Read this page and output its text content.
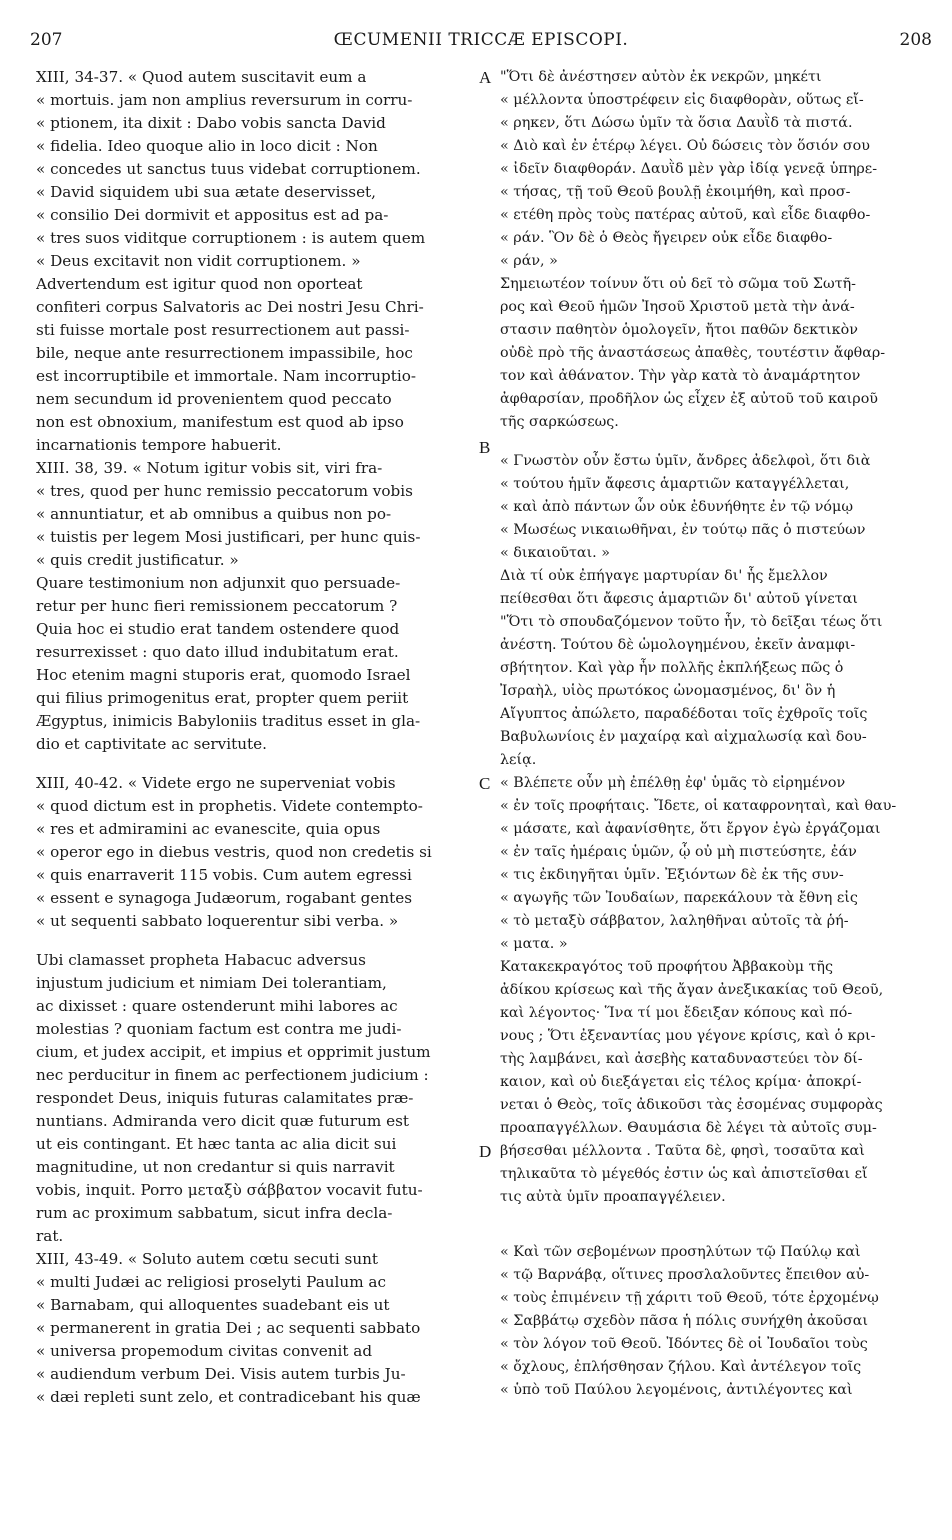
207	ŒCUMENII TRICCÆ EPISCOPI.	208
XIII, 34-37. « Quod autem suscitavit eum a
« mortuis. jam non amplius reversurum in corru-
« ptionem, ita dixit : Dabo vobis sancta David
« fidelia. Ideo quoque alio in loco dicit : Non
« concedes ut sanctus tuus videbat corruptionem.
« David siquidem ubi sua ætate deservisset,
« consilio Dei dormivit et appositus est ad pa-
« tres suos viditque corruptionem : is autem quem
« Deus excitavit non vidit corruptionem. »
Advertendum est igitur quod non oporteat
confiteri corpus Salvatoris ac Dei nostri Jesu Chri-
sti fuisse mortale post resurrectionem aut passi-
bile, neque ante resurrectionem impassibile, hoc
est incorruptibile et immortale. Nam incorruptio-
nem secundum id provenientem quod peccato
non est obnoxium, manifestum est quod ab ipso
incarnationis tempore habuerit.
XIII. 38, 39. « Notum igitur vobis sit, viri fra-
« tres, quod per hunc remissio peccatorum vobis
« annuntiatur, et ab omnibus a quibus non po-
« tuistis per legem Mosi justificari, per hunc quis-
« quis credit justificatur. »
Quare testimonium non adjunxit quo persuade-
retur per hunc fieri remissionem peccatorum ?
Quia hoc ei studio erat tandem ostendere quod
resurrexisset : quo dato illud indubitatum erat.
Hoc etenim magni stuporis erat, quomodo Israel
qui filius primogenitus erat, propter quem periit
Ægyptus, inimicis Babyloniis traditus esset in gla-
dio et captivitate ac servitute.
XIII, 40-42. « Videte ergo ne superveniat vobis
« quod dictum est in prophetis. Videte contempto-
« res et admiramini ac evanescite, quia opus
« operor ego in diebus vestris, quod non credetis si
« quis enarraverit 115 vobis. Cum autem egressi
« essent e synagoga Judæorum, rogabant gentes
« ut sequenti sabbato loquerentur sibi verba. »
Ubi clamasset propheta Habacuc adversus
injustum judicium et nimiam Dei tolerantiam,
ac dixisset : quare ostenderunt mihi labores ac
molestias ? quoniam factum est contra me judi-
cium, et judex accipit, et impius et opprimit justum
nec perducitur in finem ac perfectionem judicium :
respondet Deus, iniquis futuras calamitates præ-
nuntians. Admiranda vero dicit quæ futurum est
ut eis contingant. Et hæc tanta ac alia dicit sui
magnitudine, ut non credantur si quis narravit
vobis, inquit. Porro μεταξὺ σάββατον vocavit futu-
rum ac proximum sabbatum, sicut infra decla-
rat.
XIII, 43-49. « Soluto autem cœtu secuti sunt
« multi Judæi ac religiosi proselyti Paulum ac
« Barnabam, qui alloquentes suadebant eis ut
« permanerent in gratia Dei ; ac sequenti sabbato
« universa propemodum civitas convenit ad
« audiendum verbum Dei. Visis autem turbis Ju-
« dæi repleti sunt zelo, et contradicebant his quæ
"Ὅτι δὲ ἀνέστησεν αὐτὸν ἐκ νεκρῶν, μηκέτι
« μέλλοντα ὑποστρέφειν εἰς διαφθορὰν, οὕτως εἴ-
« ρηκεν, ὅτι Δώσω ὑμῖν τὰ ὅσια Δαυῒδ τὰ πιστά.
« Διὸ καὶ ἐν ἑτέρῳ λέγει. Οὐ δώσεις τὸν ὅσιόν σου
« ἰδεῖν διαφθοράν. Δαυῒδ μὲν γὰρ ἰδίᾳ γενεᾷ ὑπηρε-
« τήσας, τῇ τοῦ Θεοῦ βουλῇ ἐκοιμήθη, καὶ προσ-
« ετέθη πρὸς τοὺς πατέρας αὐτοῦ, καὶ εἶδε διαφθο-
« ράν. Ὃν δὲ ὁ Θεὸς ἤγειρεν οὐκ εἶδε διαφθο-
« ράν, »
Σημειωτέον τοίνυν ὅτι οὐ δεῖ τὸ σῶμα τοῦ Σωτῆ-
ρος καὶ Θεοῦ ἡμῶν Ἰησοῦ Χριστοῦ μετὰ τὴν ἀνά-
στασιν παθητὸν ὁμολογεῖν, ἤτοι παθῶν δεκτικὸν
οὐδὲ πρὸ τῆς ἀναστάσεως ἀπαθὲς, τουτέστιν ἄφθαρ-
τον καὶ ἀθάνατον. Τὴν γὰρ κατὰ τὸ ἀναμάρτητον
ἀφθαρσίαν, προδῆλον ὡς εἶχεν ἐξ αὐτοῦ τοῦ καιροῦ
τῆς σαρκώσεως.
« Γνωστὸν οὖν ἔστω ὑμῖν, ἄνδρες ἀδελφοὶ, ὅτι διὰ
« τούτου ἡμῖν ἄφεσις ἁμαρτιῶν καταγγέλλεται,
« καὶ ἀπὸ πάντων ὧν οὐκ ἐδυνήθητε ἐν τῷ νόμῳ
« Μωσέως νικαιωθῆναι, ἐν τούτῳ πᾶς ὁ πιστεύων
« δικαιοῦται. »
Διὰ τί οὐκ ἐπήγαγε μαρτυρίαν δι' ἧς ἔμελλον
πείθεσθαι ὅτι ἄφεσις ἁμαρτιῶν δι' αὐτοῦ γίνεται
"Ὅτι τὸ σπουδαζόμενον τοῦτο ἦν, τὸ δεῖξαι τέως ὅτι
ἀνέστη. Τούτου δὲ ὡμολογημένου, ἐκεῖν ἀναμφι-
σβήτητον. Καὶ γὰρ ἦν πολλῆς ἐκπλήξεως πῶς ὁ
Ἰσραὴλ, υἱὸς πρωτόκος ὠνομασμένος, δι' ὃν ἡ
Αἴγυπτος ἀπώλετο, παραδέδοται τοῖς ἐχθροῖς τοῖς
Βαβυλωνίοις ἐν μαχαίρᾳ καὶ αἰχμαλωσίᾳ καὶ δου-
λείᾳ.
« Βλέπετε οὖν μὴ ἐπέλθῃ ἐφ' ὑμᾶς τὸ εἰρημένον
« ἐν τοῖς προφήταις. Ἴδετε, οἱ καταφρονηταὶ, καὶ θαυ-
« μάσατε, καὶ ἀφανίσθητε, ὅτι ἔργον ἐγὼ ἐργάζομαι
« ἐν ταῖς ἡμέραις ὑμῶν, ᾧ οὐ μὴ πιστεύσητε, ἐάν
« τις ἐκδιηγῆται ὑμῖν. Ἐξιόντων δὲ ἐκ τῆς συν-
« αγωγῆς τῶν Ἰουδαίων, παρεκάλουν τὰ ἔθνη εἰς
« τὸ μεταξὺ σάββατον, λαληθῆναι αὐτοῖς τὰ ῥή-
« ματα. »
Κατακεκραγότος τοῦ προφήτου Ἀββακοὺμ τῆς
ἀδίκου κρίσεως καὶ τῆς ἄγαν ἀνεξικακίας τοῦ Θεοῦ,
καὶ λέγοντος· Ἵνα τί μοι ἔδειξαν κόπους καὶ πό-
νους ; Ὅτι ἐξεναντίας μου γέγονε κρίσις, καὶ ὁ κρι-
τὴς λαμβάνει, καὶ ἀσεβὴς καταδυναστεύει τὸν δί-
καιον, καὶ οὐ διεξάγεται εἰς τέλος κρίμα· ἀποκρί-
νεται ὁ Θεὸς, τοῖς ἀδικοῦσι τὰς ἐσομένας συμφορὰς
προαπαγγέλλων. Θαυμάσια δὲ λέγει τὰ αὐτοῖς συμ-
βήσεσθαι μέλλοντα . Ταῦτα δὲ, φησὶ, τοσαῦτα καὶ
τηλικαῦτα τὸ μέγεθός ἐστιν ὡς καὶ ἀπιστεῖσθαι εἴ
τις αὐτὰ ὑμῖν προαπαγγέλειεν.
« Καὶ τῶν σεβομένων προσηλύτων τῷ Παύλῳ καὶ
« τῷ Βαρνάβᾳ, οἵτινες προσλαλοῦντες ἔπειθον αὐ-
« τοὺς ἐπιμένειν τῇ χάριτι τοῦ Θεοῦ, τότε ἐρχομένῳ
« Σαββάτῳ σχεδὸν πᾶσα ἡ πόλις συνήχθη ἀκοῦσαι
« τὸν λόγον τοῦ Θεοῦ. Ἰδόντες δὲ οἱ Ἰουδαῖοι τοὺς
« ὄχλους, ἐπλήσθησαν ζήλου. Καὶ ἀντέλεγον τοῖς
« ὑπὸ τοῦ Παύλου λεγομένοις, ἀντιλέγοντες καὶ
A
B
C
D
